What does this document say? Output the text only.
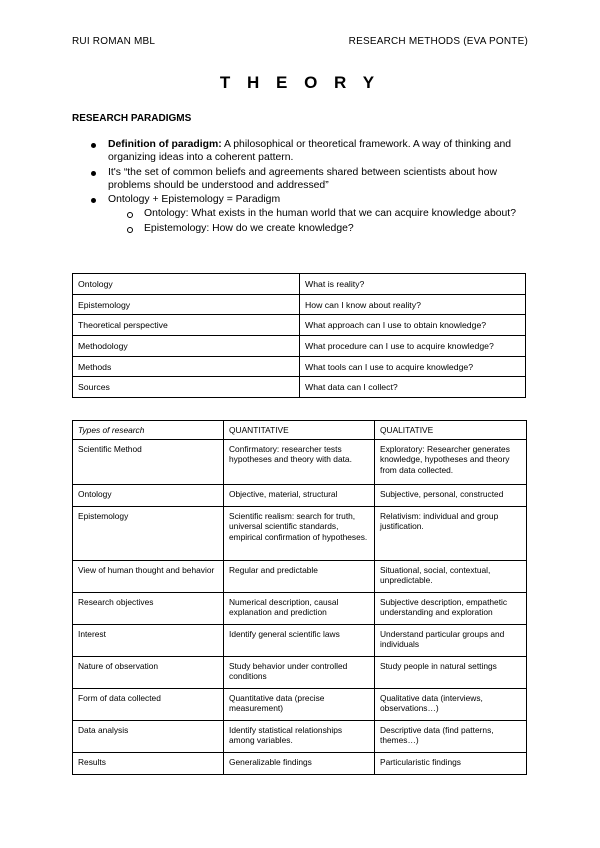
RUI ROMAN MBL	RESEARCH METHODS (EVA PONTE)
T H E O R Y
RESEARCH PARADIGMS
Definition of paradigm: A philosophical or theoretical framework. A way of thinking and organizing ideas into a coherent pattern.
It's “the set of common beliefs and agreements shared between scientists about how problems should be understood and addressed”
Ontology + Epistemology = Paradigm
Ontology: What exists in the human world that we can acquire knowledge about?
Epistemology: How do we create knowledge?
Ontology	What is reality?
Epistemology	How can I know about reality?
Theoretical perspective	What approach can I use to obtain knowledge?
Methodology	What procedure can I use to acquire knowledge?
Methods	What tools can I use to acquire knowledge?
Sources	What data can I collect?
Types of research	QUANTITATIVE	QUALITATIVE
Scientific Method	Confirmatory: researcher tests hypotheses and theory with data.	Exploratory: Researcher generates knowledge, hypotheses and theory from data collected.
Ontology	Objective, material, structural	Subjective, personal, constructed
Epistemology	Scientific realism: search for truth, universal scientific standards, empirical confirmation of hypotheses.	Relativism: individual and group justification.
View of human thought and behavior	Regular and predictable	Situational, social, contextual, unpredictable.
Research objectives	Numerical description, causal explanation and prediction	Subjective description, empathetic understanding and exploration
Interest	Identify general scientific laws	Understand particular groups and individuals
Nature of observation	Study behavior under controlled conditions	Study people in natural settings
Form of data collected	Quantitative data (precise measurement)	Qualitative data (interviews, observations…)
Data analysis	Identify statistical relationships among variables.	Descriptive data (find patterns, themes…)
Results	Generalizable findings	Particularistic findings
